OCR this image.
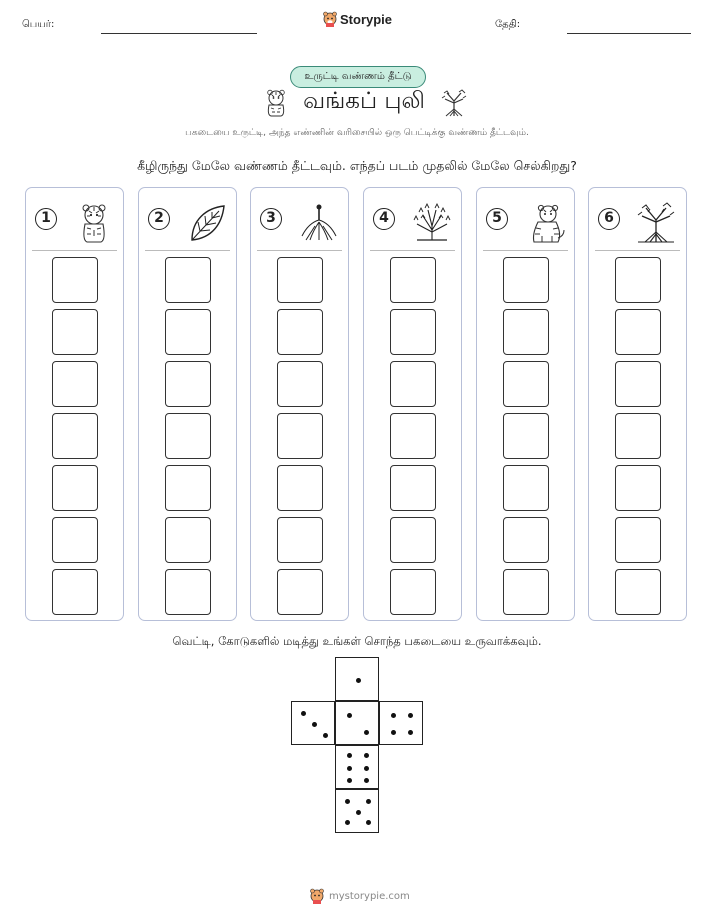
பெயர்:	Storypie	தேதி:
உருட்டி வண்ணம் தீட்டு
வங்கப் புலி
பகடையை உருட்டி, அந்த எண்ணின் வரிசையில் ஒரு பெட்டிக்கு வண்ணம் தீட்டவும்.
கீழிருந்து மேலே வண்ணம் தீட்டவும். எந்தப் படம் முதலில் மேலே செல்கிறது?
1	2	3	4	5	6
வெட்டி, கோடுகளில் மடித்து உங்கள் சொந்த பகடையை உருவாக்கவும்.
mystorypie.com
